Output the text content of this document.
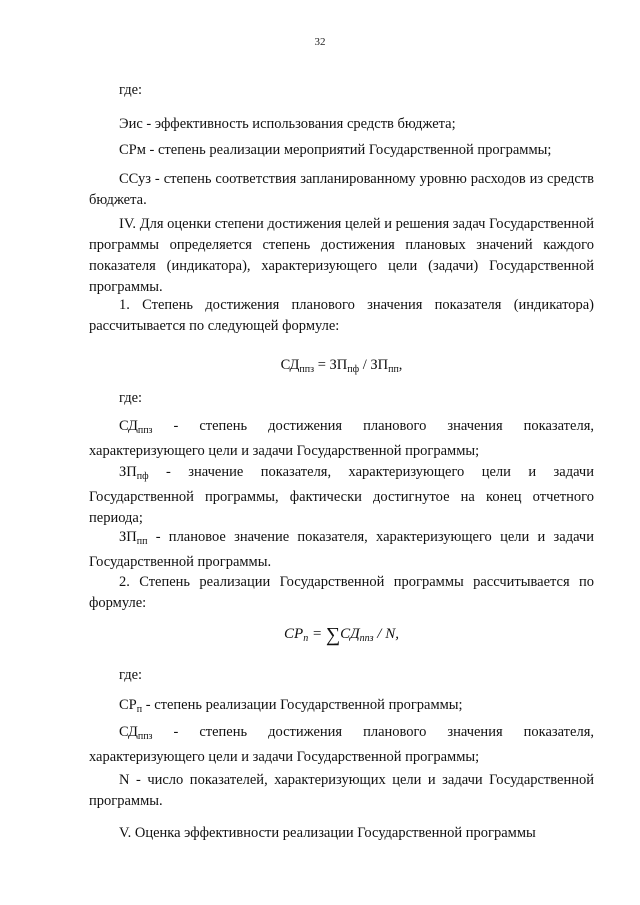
32
где:
Эис - эффективность использования средств бюджета;
СРм - степень реализации мероприятий Государственной программы;
ССуз - степень соответствия запланированному уровню расходов из средств бюджета.
IV. Для оценки степени достижения целей и решения задач Государственной программы определяется степень достижения плановых значений каждого показателя (индикатора), характеризующего цели (задачи) Государственной программы.
1. Степень достижения планового значения показателя (индикатора) рассчитывается по следующей формуле:
$СД_{ппз} = ЗП_{пф} / ЗП_{пп}$,
где:
$СД_{ппз}$ - степень достижения планового значения показателя, характеризующего цели и задачи Государственной программы;
$ЗП_{пф}$ - значение показателя, характеризующего цели и задачи Государственной программы, фактически достигнутое на конец отчетного периода;
$ЗП_{пп}$ - плановое значение показателя, характеризующего цели и задачи Государственной программы.
2. Степень реализации Государственной программы рассчитывается по формуле:
$СР_п = \sum СД_{ппз} / N$,
где:
$СР_п$ - степень реализации Государственной программы;
$СД_{ппз}$ - степень достижения планового значения показателя, характеризующего цели и задачи Государственной программы;
N - число показателей, характеризующих цели и задачи Государственной программы.
V. Оценка эффективности реализации Государственной программы
